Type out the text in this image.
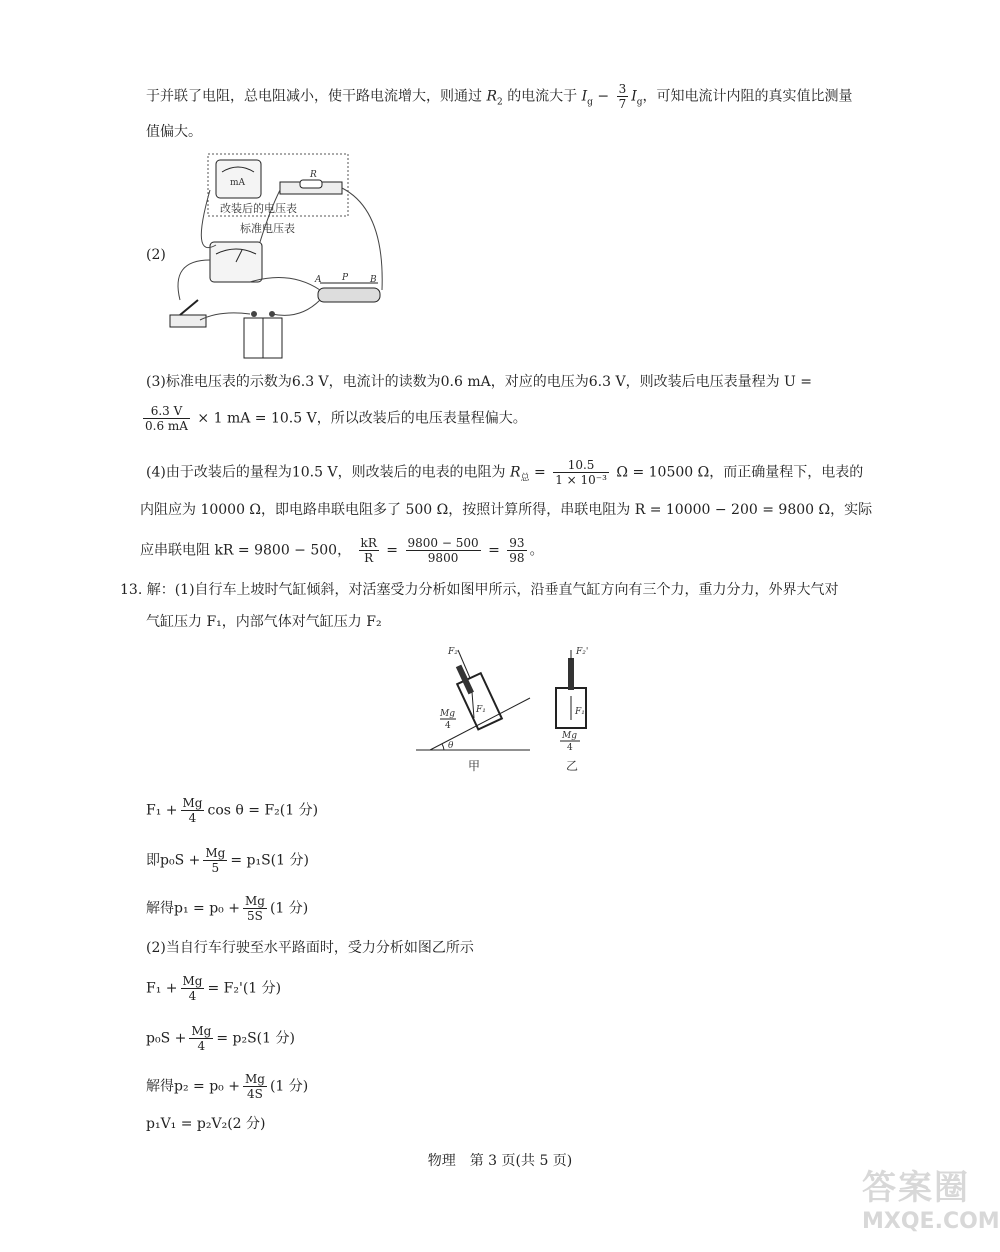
于并联了电阻，总电阻减小，使干路电流增大，则通过 $R_2$ 的电流大于 $I_g - \frac{3}{7} I_g$，可知电流计内阻的真实值比测量
值偏大。
(2)
mA
R
改装后的电压表
标准电压表
A P B
(3)标准电压表的示数为6.3 V，电流计的读数为0.6 mA，对应的电压为6.3 V，则改装后电压表量程为 U =
$\frac{6.3 V}{0.6 mA} \times 1$ mA = 10.5 V，所以改装后的电压表量程偏大。
(4)由于改装后的量程为10.5 V，则改装后的电表的电阻为 $R_总 = \frac{10.5}{\text{1 × 10⁻³}}$ Ω = 10500 Ω，而正确量程下，电表的
内阻应为 10000 Ω，即电路串联电阻多了 500 Ω，按照计算所得，串联电阻为 R = 10000 − 200 = 9800 Ω，实际
应串联电阻 kR = 9800 − 500， $\frac{kR}{R} = \frac{9800 - 500}{9800} = \frac{93}{98}$ 。
13. 解：(1)自行车上坡时气缸倾斜，对活塞受力分析如图甲所示，沿垂直气缸方向有三个力，重力分力，外界大气对
气缸压力 F₁，内部气体对气缸压力 F₂
θ
F₂
F₁
Mg
4
甲
F₂'
F₁
Mg
4
乙
$F_1 + \frac{Mg}{4}$ cos θ = F₂(1 分)
即$p_0S + \frac{Mg}{5} = p_1S(1$ 分)
解得$p_1 = p_0 + \frac{Mg}{5S} (1$ 分)
(2)当自行车行驶至水平路面时，受力分析如图乙所示
$F_1 + \frac{Mg}{4} = F_2'(1$ 分)
$p_0S + \frac{Mg}{4} = p_2S(1$ 分)
解得$p_2 = p_0 + \frac{Mg}{4S} (1$ 分)
p₁V₁ = p₂V₂(2 分)
物理　第 3 页(共 5 页)
答案圈
MXQE.COM
